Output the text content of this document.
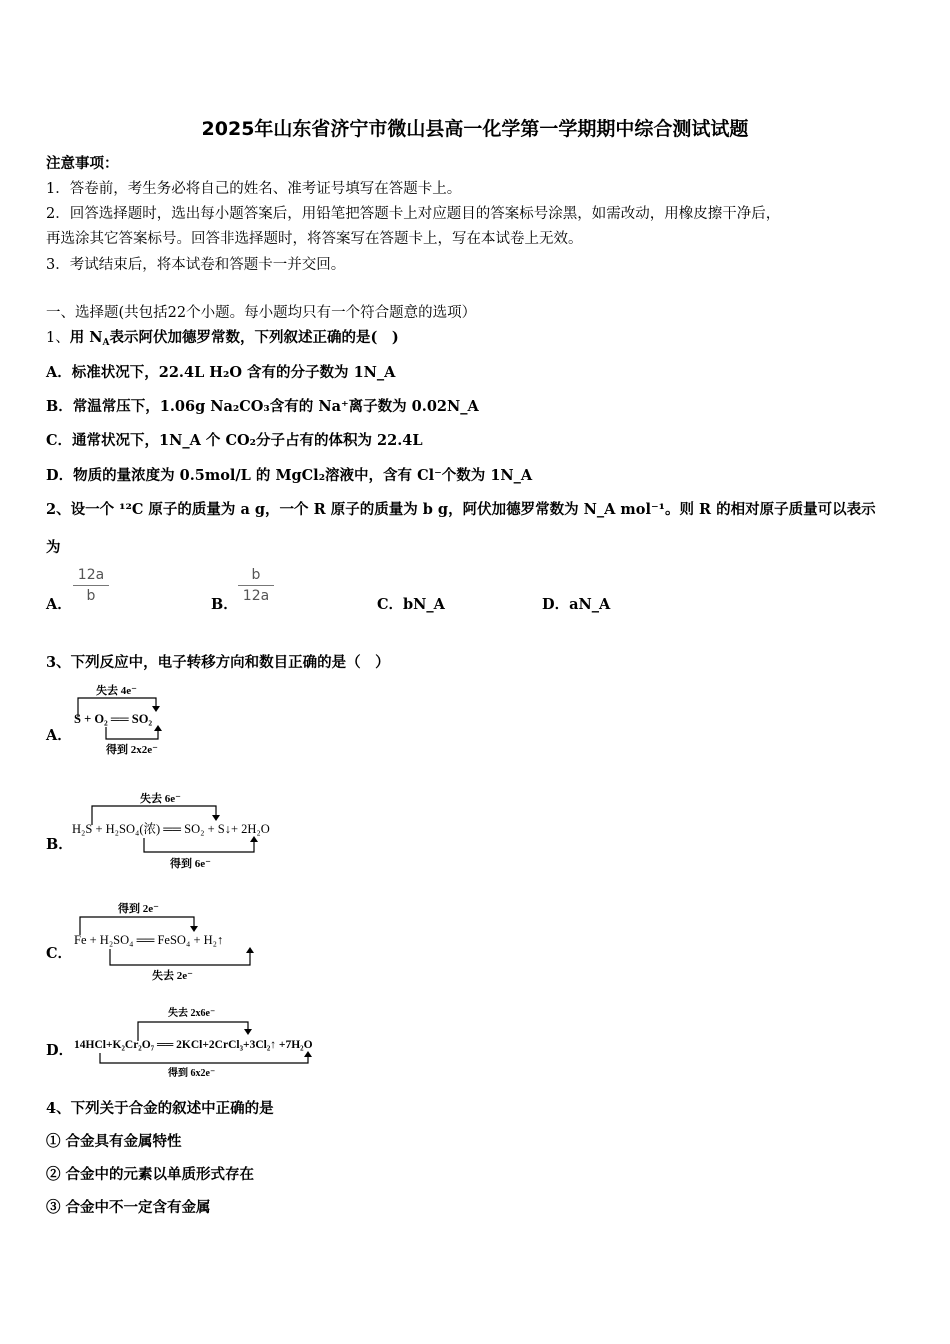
2025年山东省济宁市微山县高一化学第一学期期中综合测试试题
注意事项：
1．答卷前，考生务必将自己的姓名、准考证号填写在答题卡上。
2．回答选择题时，选出每小题答案后，用铅笔把答题卡上对应题目的答案标号涂黑，如需改动，用橡皮擦干净后，
再选涂其它答案标号。回答非选择题时，将答案写在答题卡上，写在本试卷上无效。
3．考试结束后，将本试卷和答题卡一并交回。
一、选择题(共包括22个小题。每小题均只有一个符合题意的选项）
1、用 $N_A$表示阿伏加德罗常数，下列叙述正确的是(　)
A．标准状况下，22.4L H₂O 含有的分子数为 1N_A
B．常温常压下，1.06g Na₂CO₃含有的 Na⁺离子数为 0.02N_A
C．通常状况下，1N_A 个 CO₂分子占有的体积为 22.4L
D．物质的量浓度为 0.5mol/L 的 MgCl₂溶液中，含有 Cl⁻个数为 1N_A
2、设一个 ¹²C 原子的质量为 a g，一个 R 原子的质量为 b g，阿伏加德罗常数为 N_A mol⁻¹。则 R 的相对原子质量可以表示
为
A．
$\frac{12a}{b}$
B．
$\frac{b}{12a}$
C．bN_A	D．aN_A
3、下列反应中，电子转移方向和数目正确的是（　）
A．
失去 4e⁻
S + O₂ ══ SO₂
得到 2x2e⁻
B．
失去 6e⁻
H₂S + H₂SO₄(浓) ══ SO₂ + S↓+ 2H₂O
得到 6e⁻
C．
得到 2e⁻
Fe + H₂SO₄ ══ FeSO₄ + H₂↑
失去 2e⁻
D．
失去 2x6e⁻
14HCl+K₂Cr₂O₇ ══ 2KCl+2CrCl₃+3Cl₂↑ +7H₂O
得到 6x2e⁻
4、下列关于合金的叙述中正确的是
① 合金具有金属特性
② 合金中的元素以单质形式存在
③ 合金中不一定含有金属
